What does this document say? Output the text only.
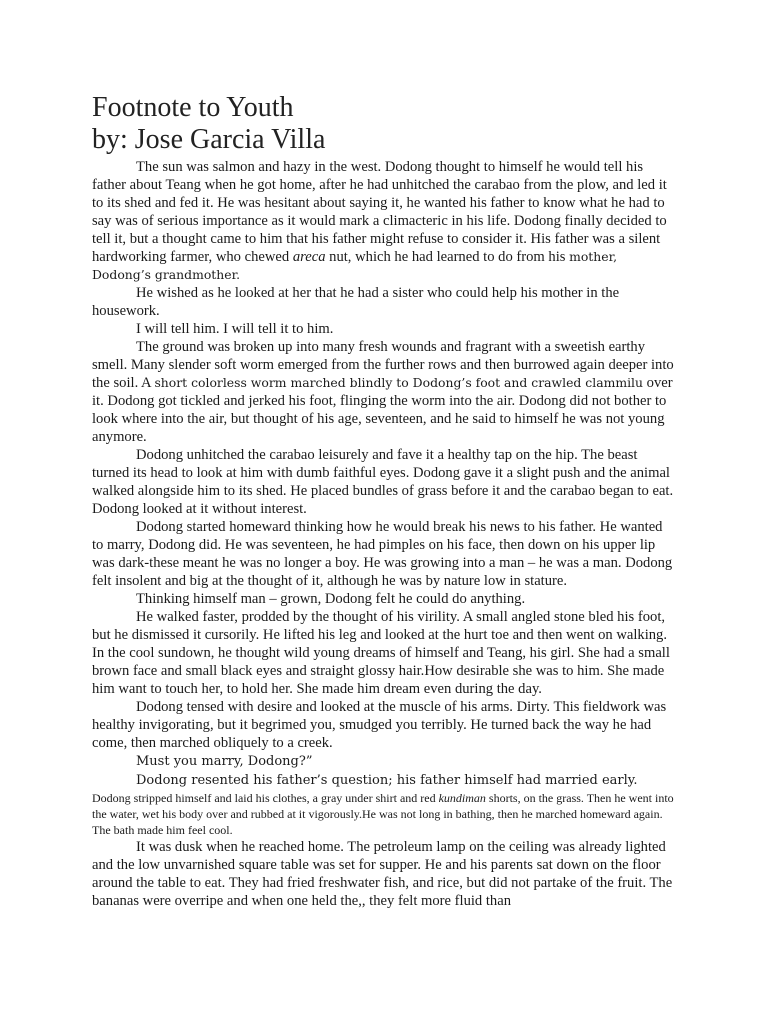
Footnote to Youth
by: Jose Garcia Villa

The sun was salmon and hazy in the west. Dodong thought to himself he would tell his father about Teang when he got home, after he had unhitched the carabao from the plow, and led it to its shed and fed it. He was hesitant about saying it, he wanted his father to know what he had to say was of serious importance as it would mark a climacteric in his life. Dodong finally decided to tell it, but a thought came to him that his father might refuse to consider it. His father was a silent hardworking farmer, who chewed areca nut, which he had learned to do from his mother, Dodong’s grandmother.

He wished as he looked at her that he had a sister who could help his mother in the housework.

I will tell him. I will tell it to him.

The ground was broken up into many fresh wounds and fragrant with a sweetish earthy smell. Many slender soft worm emerged from the further rows and then burrowed again deeper into the soil. A short colorless worm marched blindly to Dodong’s foot and crawled clammilu over it. Dodong got tickled and jerked his foot, flinging the worm into the air. Dodong did not bother to look where into the air, but thought of his age, seventeen, and he said to himself he was not young anymore.

Dodong unhitched the carabao leisurely and fave it a healthy tap on the hip. The beast turned its head to look at him with dumb faithful eyes. Dodong gave it a slight push and the animal walked alongside him to its shed. He placed bundles of grass before it and the carabao began to eat. Dodong looked at it without interest.

Dodong started homeward thinking how he would break his news to his father. He wanted to marry, Dodong did. He was seventeen, he had pimples on his face, then down on his upper lip was dark-these meant he was no longer a boy. He was growing into a man – he was a man. Dodong felt insolent and big at the thought of it, although he was by nature low in stature.

Thinking himself man – grown, Dodong felt he could do anything.

He walked faster, prodded by the thought of his virility. A small angled stone bled his foot, but he dismissed it cursorily. He lifted his leg and looked at the hurt toe and then went on walking. In the cool sundown, he thought wild young dreams of himself and Teang, his girl. She had a small brown face and small black eyes and straight glossy hair.How desirable she was to him. She made him want to touch her, to hold her. She made him dream even during the day.

Dodong tensed with desire and looked at the muscle of his arms. Dirty. This fieldwork was healthy invigorating, but it begrimed you, smudged you terribly. He turned back the way he had come, then marched obliquely to a creek.

Must you marry, Dodong?”

Dodong resented his father’s question; his father himself had married early.

Dodong stripped himself and laid his clothes, a gray under shirt and red kundiman shorts, on the grass. Then he went into the water, wet his body over and rubbed at it vigorously.He was not long in bathing, then he marched homeward again. The bath made him feel cool.

It was dusk when he reached home. The petroleum lamp on the ceiling was already lighted and the low unvarnished square table was set for supper. He and his parents sat down on the floor around the table to eat. They had fried freshwater fish, and rice, but did not partake of the fruit. The bananas were overripe and when one held the,, they felt more fluid than
